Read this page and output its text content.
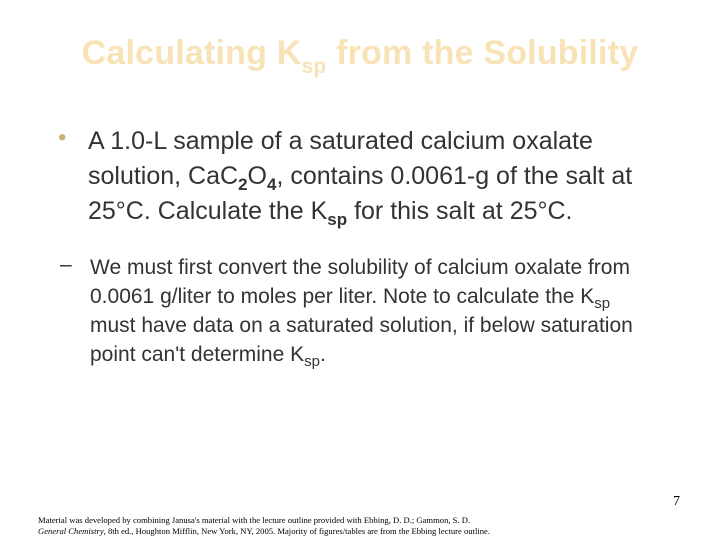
Calculating $K_{sp}$ from the Solubility
• A 1.0-L sample of a saturated calcium oxalate solution, $CaC_2O_4$, contains 0.0061-g of the salt at 25°C. Calculate the $K_{sp}$ for this salt at 25°C.
– We must first convert the solubility of calcium oxalate from 0.0061 g/liter to moles per liter. Note to calculate the $K_{sp}$ must have data on a saturated solution, if below saturation point can't determine $K_{sp}$.
7
Material was developed by combining Janusa's material with the lecture outline provided with Ebbing, D. D.; Gammon, S. D. General Chemistry, 8th ed., Houghton Mifflin, New York, NY, 2005. Majority of figures/tables are from the Ebbing lecture outline.
